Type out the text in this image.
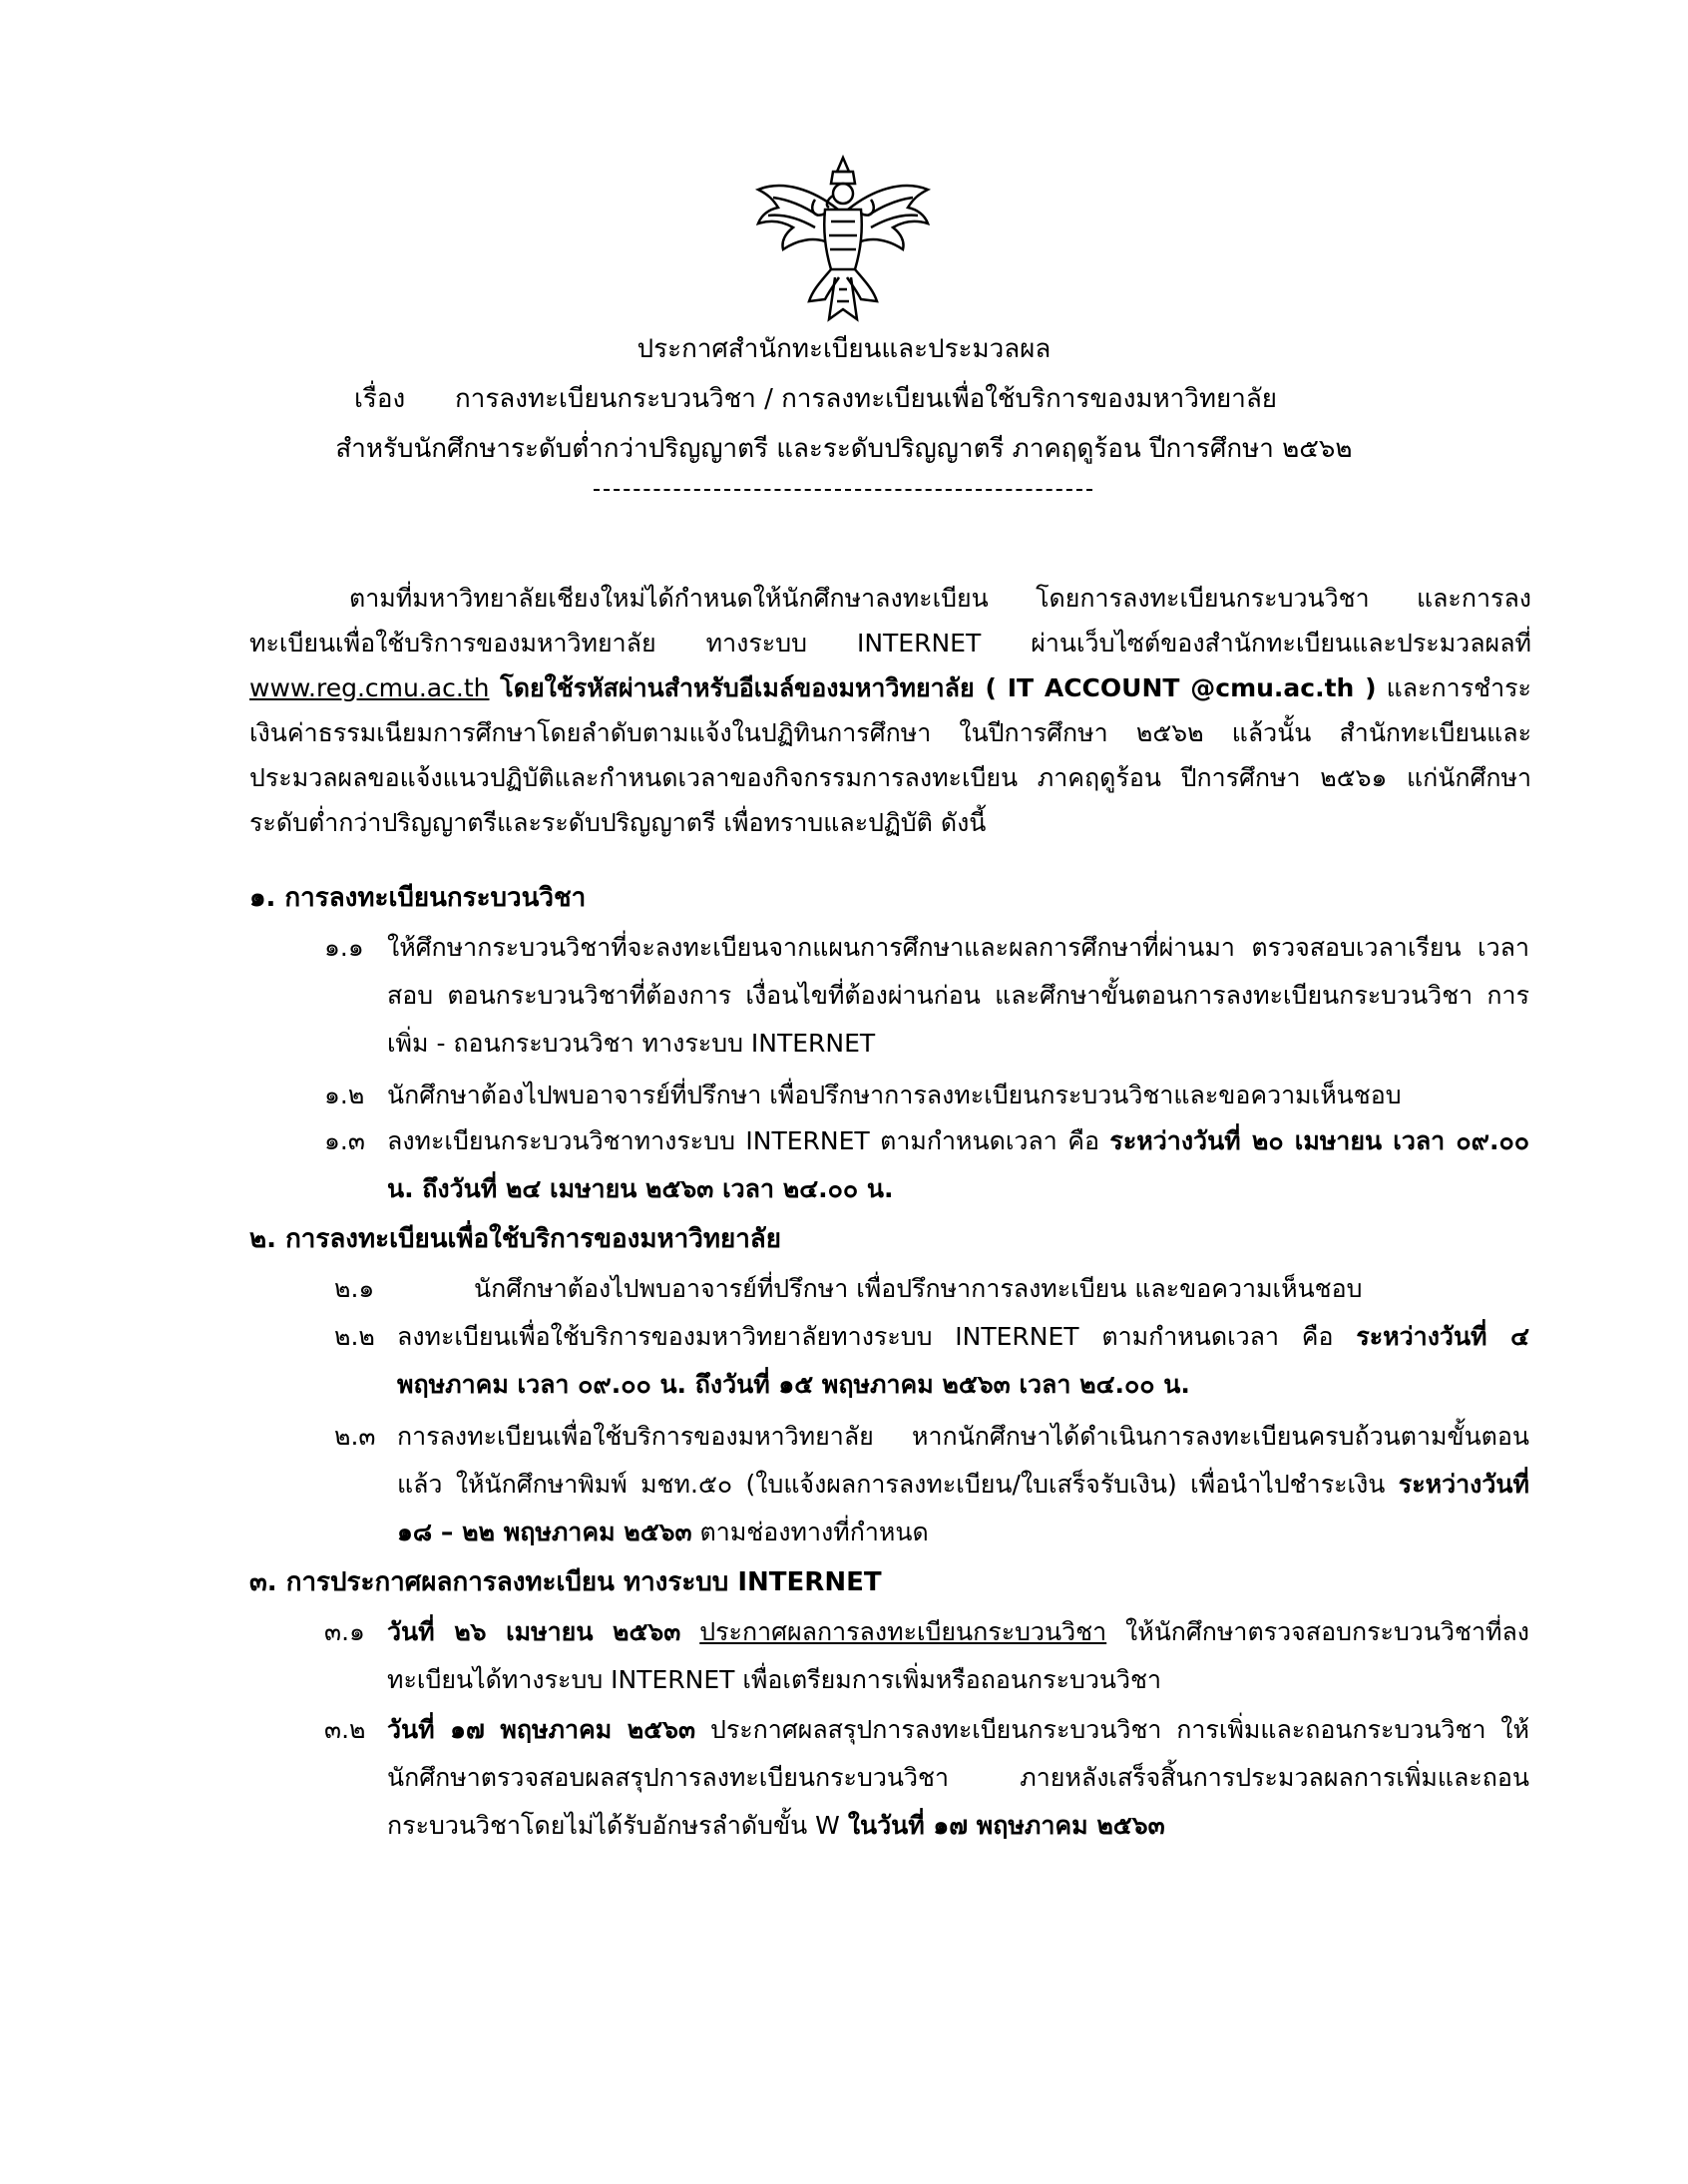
ประกาศสำนักทะเบียนและประมวลผล
เรื่อง การลงทะเบียนกระบวนวิชา / การลงทะเบียนเพื่อใช้บริการของมหาวิทยาลัย
สำหรับนักศึกษาระดับต่ำกว่าปริญญาตรี และระดับปริญญาตรี ภาคฤดูร้อน ปีการศึกษา ๒๕๖๒
ตามที่มหาวิทยาลัยเชียงใหม่ได้กำหนดให้นักศึกษาลงทะเบียน โดยการลงทะเบียนกระบวนวิชา และการลงทะเบียนเพื่อใช้บริการของมหาวิทยาลัย ทางระบบ INTERNET ผ่านเว็บไซต์ของสำนักทะเบียนและประมวลผลที่ www.reg.cmu.ac.th โดยใช้รหัสผ่านสำหรับอีเมล์ของมหาวิทยาลัย ( IT ACCOUNT @cmu.ac.th ) และการชำระเงินค่าธรรมเนียมการศึกษาโดยลำดับตามแจ้งในปฏิทินการศึกษา ในปีการศึกษา ๒๕๖๒ แล้วนั้น สำนักทะเบียนและประมวลผลขอแจ้งแนวปฏิบัติและกำหนดเวลาของกิจกรรมการลงทะเบียน ภาคฤดูร้อน ปีการศึกษา ๒๕๖๑ แก่นักศึกษาระดับต่ำกว่าปริญญาตรีและระดับปริญญาตรี เพื่อทราบและปฏิบัติ ดังนี้
๑. การลงทะเบียนกระบวนวิชา
๑.๑ ให้ศึกษากระบวนวิชาที่จะลงทะเบียนจากแผนการศึกษาและผลการศึกษาที่ผ่านมา ตรวจสอบเวลาเรียน เวลาสอบ ตอนกระบวนวิชาที่ต้องการ เงื่อนไขที่ต้องผ่านก่อน และศึกษาขั้นตอนการลงทะเบียนกระบวนวิชา การเพิ่ม - ถอนกระบวนวิชา ทางระบบ INTERNET
๑.๒ นักศึกษาต้องไปพบอาจารย์ที่ปรึกษา เพื่อปรึกษาการลงทะเบียนกระบวนวิชาและขอความเห็นชอบ
๑.๓ ลงทะเบียนกระบวนวิชาทางระบบ INTERNET ตามกำหนดเวลา คือ ระหว่างวันที่ ๒๐ เมษายน เวลา ๐๙.๐๐ น. ถึงวันที่ ๒๔ เมษายน ๒๕๖๓ เวลา ๒๔.๐๐ น.
๒. การลงทะเบียนเพื่อใช้บริการของมหาวิทยาลัย
๒.๑	นักศึกษาต้องไปพบอาจารย์ที่ปรึกษา เพื่อปรึกษาการลงทะเบียน และขอความเห็นชอบ
๒.๒ ลงทะเบียนเพื่อใช้บริการของมหาวิทยาลัยทางระบบ INTERNET ตามกำหนดเวลา คือ ระหว่างวันที่ ๔ พฤษภาคม เวลา ๐๙.๐๐ น. ถึงวันที่ ๑๕ พฤษภาคม ๒๕๖๓ เวลา ๒๔.๐๐ น.
๒.๓ การลงทะเบียนเพื่อใช้บริการของมหาวิทยาลัย หากนักศึกษาได้ดำเนินการลงทะเบียนครบถ้วนตามขั้นตอนแล้ว ให้นักศึกษาพิมพ์ มชท.๕๐ (ใบแจ้งผลการลงทะเบียน/ใบเสร็จรับเงิน) เพื่อนำไปชำระเงิน ระหว่างวันที่ ๑๘ – ๒๒ พฤษภาคม ๒๕๖๓ ตามช่องทางที่กำหนด
๓. การประกาศผลการลงทะเบียน ทางระบบ INTERNET
๓.๑ วันที่ ๒๖ เมษายน ๒๕๖๓ ประกาศผลการลงทะเบียนกระบวนวิชา ให้นักศึกษาตรวจสอบกระบวนวิชาที่ลงทะเบียนได้ทางระบบ INTERNET เพื่อเตรียมการเพิ่มหรือถอนกระบวนวิชา
๓.๒ วันที่ ๑๗ พฤษภาคม ๒๕๖๓ ประกาศผลสรุปการลงทะเบียนกระบวนวิชา การเพิ่มและถอนกระบวนวิชา ให้นักศึกษาตรวจสอบผลสรุปการลงทะเบียนกระบวนวิชา ภายหลังเสร็จสิ้นการประมวลผลการเพิ่มและถอนกระบวนวิชาโดยไม่ได้รับอักษรลำดับขั้น W ในวันที่ ๑๗ พฤษภาคม ๒๕๖๓
